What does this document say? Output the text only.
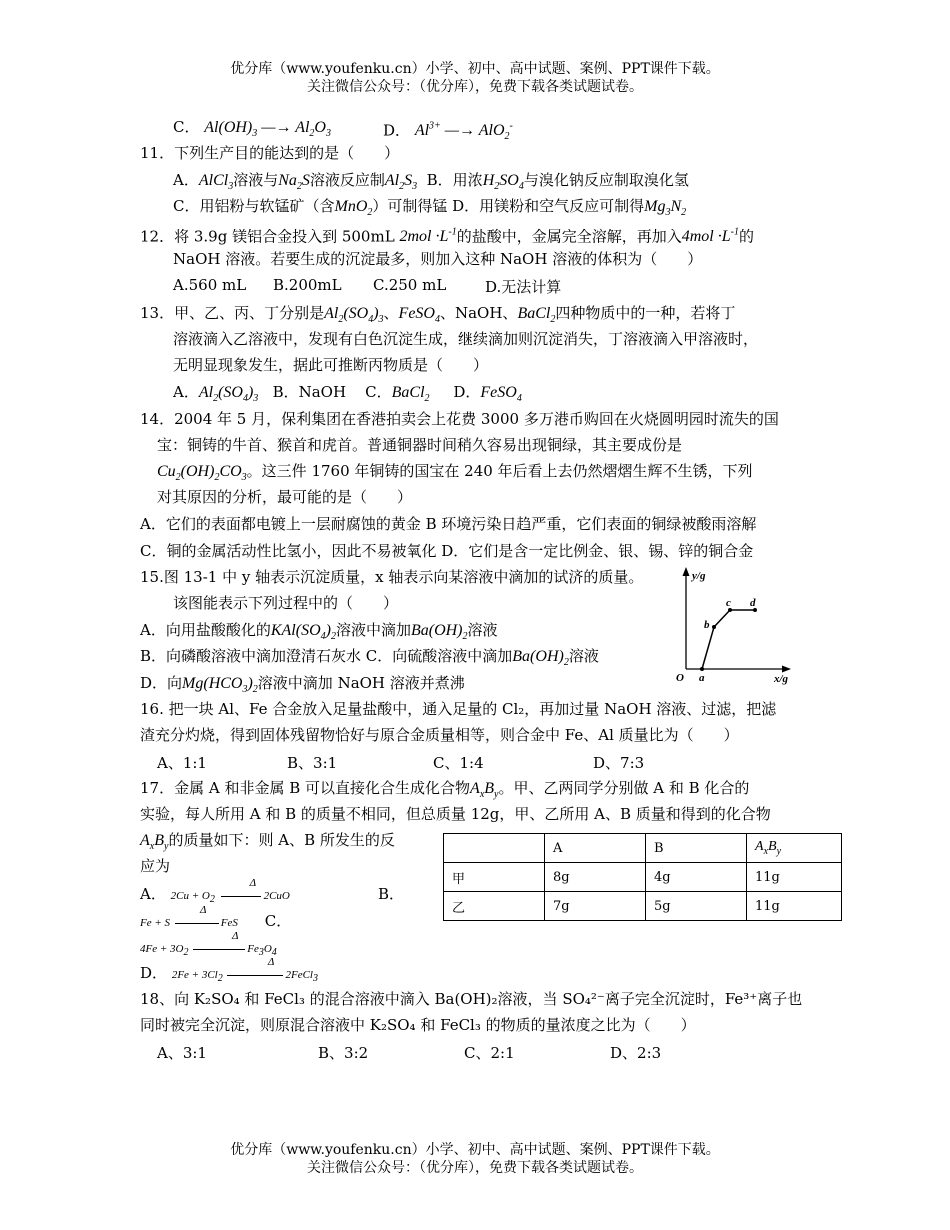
优分库（www.youfenku.cn）小学、初中、高中试题、案例、PPT课件下载。
关注微信公众号：（优分库），免费下载各类试题试卷。
C． $Al(OH)_3$ —→ $Al_2O_3$	D． $Al^{3+}$ —→ AlO$_2$-
11．下列生产目的能达到的是（　　）
A．AlCl$_3$溶液与$Na_2S$溶液反应制$Al_2S_3$ B．用浓$H_2SO_4$与溴化钠反应制取溴化氢
C．用铝粉与软锰矿（含MnO$_2$）可制得锰 D．用镁粉和空气反应可制得$Mg_3N_2$
12．将 3.9g 镁铝合金投入到 500mL $2mol \cdot L^{-1}$的盐酸中，金属完全溶解，再加入$4mol \cdot L^{-1}$的
NaOH 溶液。若要生成的沉淀最多，则加入这种 NaOH 溶液的体积为（　　）
A.560 mL B.200mL C.250 mL	D.无法计算
13．甲、乙、丙、丁分别是$Al_2(SO_4)_3$、FeSO$_4$、NaOH、BaCl$_2$四种物质中的一种，若将丁
溶液滴入乙溶液中，发现有白色沉淀生成，继续滴加则沉淀消失，丁溶液滴入甲溶液时，
无明显现象发生，据此可推断丙物质是（　　）
A．$Al_2(SO_4)_3$ B．NaOH C．BaCl$_2$ D．FeSO$_4$
14．2004 年 5 月，保利集团在香港拍卖会上花费 3000 多万港币购回在火烧圆明园时流失的国
宝：铜铸的牛首、猴首和虎首。普通铜器时间稍久容易出现铜绿，其主要成份是
$Cu_2(OH)_2CO_3$。这三件 1760 年铜铸的国宝在 240 年后看上去仍然熠熠生辉不生锈，下列
对其原因的分析，最可能的是（　　）
A．它们的表面都电镀上一层耐腐蚀的黄金 B 环境污染日趋严重，它们表面的铜绿被酸雨溶解
C．铜的金属活动性比氢小，因此不易被氧化 D．它们是含一定比例金、银、锡、锌的铜合金
15.图 13-1 中 y 轴表示沉淀质量，x 轴表示向某溶液中滴加的试济的质量。
该图能表示下列过程中的（　　）
A．向用盐酸酸化的$KAl(SO_4)_2$溶液中滴加$Ba(OH)_2$溶液
B．向磷酸溶液中滴加澄清石灰水 C．向硫酸溶液中滴加$Ba(OH)_2$溶液
D．向$Mg(HCO_3)_2$溶液中滴加 NaOH 溶液并煮沸
y/g
x/g
O a
b
c d
16. 把一块 Al、Fe 合金放入足量盐酸中，通入足量的 Cl₂，再加过量 NaOH 溶液、过滤，把滤
渣充分灼烧，得到固体残留物恰好与原合金质量相等，则合金中 Fe、Al 质量比为（　　）
A、1:1	B、3:1	C、1:4	D、7:3
17．金属 A 和非金属 B 可以直接化合生成化合物$A_xB_y$。甲、乙两同学分别做 A 和 B 化合的
实验，每人所用 A 和 B 的质量不相同，但总质量 12g，甲、乙所用 A、B 质量和得到的化合物
$A_xB_y$的质量如下：则 A、B 所发生的反
应为
	A	B	$A_xB_y$
甲	8g	4g	11g
乙	7g	5g	11g
A． $2Cu + O_2$
Δ
2CuO	B．
Fe + S
Δ
FeS C．
$4Fe + 3O_2$
Δ
$Fe_3O_4$
D． $2Fe + 3Cl_2$
Δ
2FeCl$_3$
18、向 K₂SO₄ 和 FeCl₃ 的混合溶液中滴入 Ba(OH)₂溶液，当 SO₄²⁻离子完全沉淀时，Fe³⁺离子也
同时被完全沉淀，则原混合溶液中 K₂SO₄ 和 FeCl₃ 的物质的量浓度之比为（　　）
A、3:1	B、3:2	C、2:1	D、2:3
优分库（www.youfenku.cn）小学、初中、高中试题、案例、PPT课件下载。
关注微信公众号：（优分库），免费下载各类试题试卷。
